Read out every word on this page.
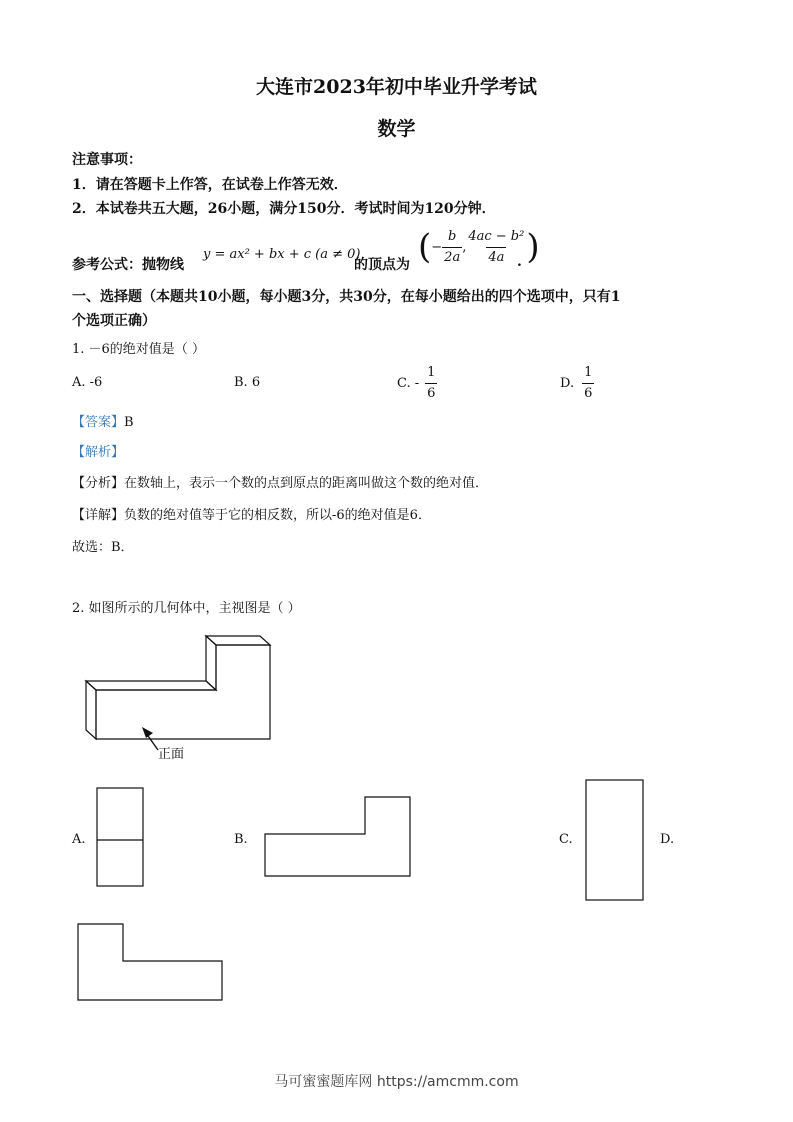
大连市2023年初中毕业升学考试
数学
注意事项：
1．请在答题卡上作答，在试卷上作答无效．
2．本试卷共五大题，26小题，满分150分．考试时间为120分钟．
参考公式：抛物线
y = ax² + bx + c (a ≠ 0)
的顶点为 ( − $\frac{b}{2a}$ , $\frac{\text{4ac − b²}}{4a}$ )
.
一、选择题（本题共10小题，每小题3分，共30分，在每小题给出的四个选项中，只有1
个选项正确）
1. －6的绝对值是（ ）
A. -6	B. 6	C. - $\frac{1}{6}$	D. $\frac{1}{6}$
【答案】B
【解析】
【分析】在数轴上，表示一个数的点到原点的距离叫做这个数的绝对值．
【详解】负数的绝对值等于它的相反数，所以-6的绝对值是6．
故选：B．
2. 如图所示的几何体中，主视图是（ ）
正面
A.	B.	C.	D.
马可蜜蜜题库网 https://amcmm.com
